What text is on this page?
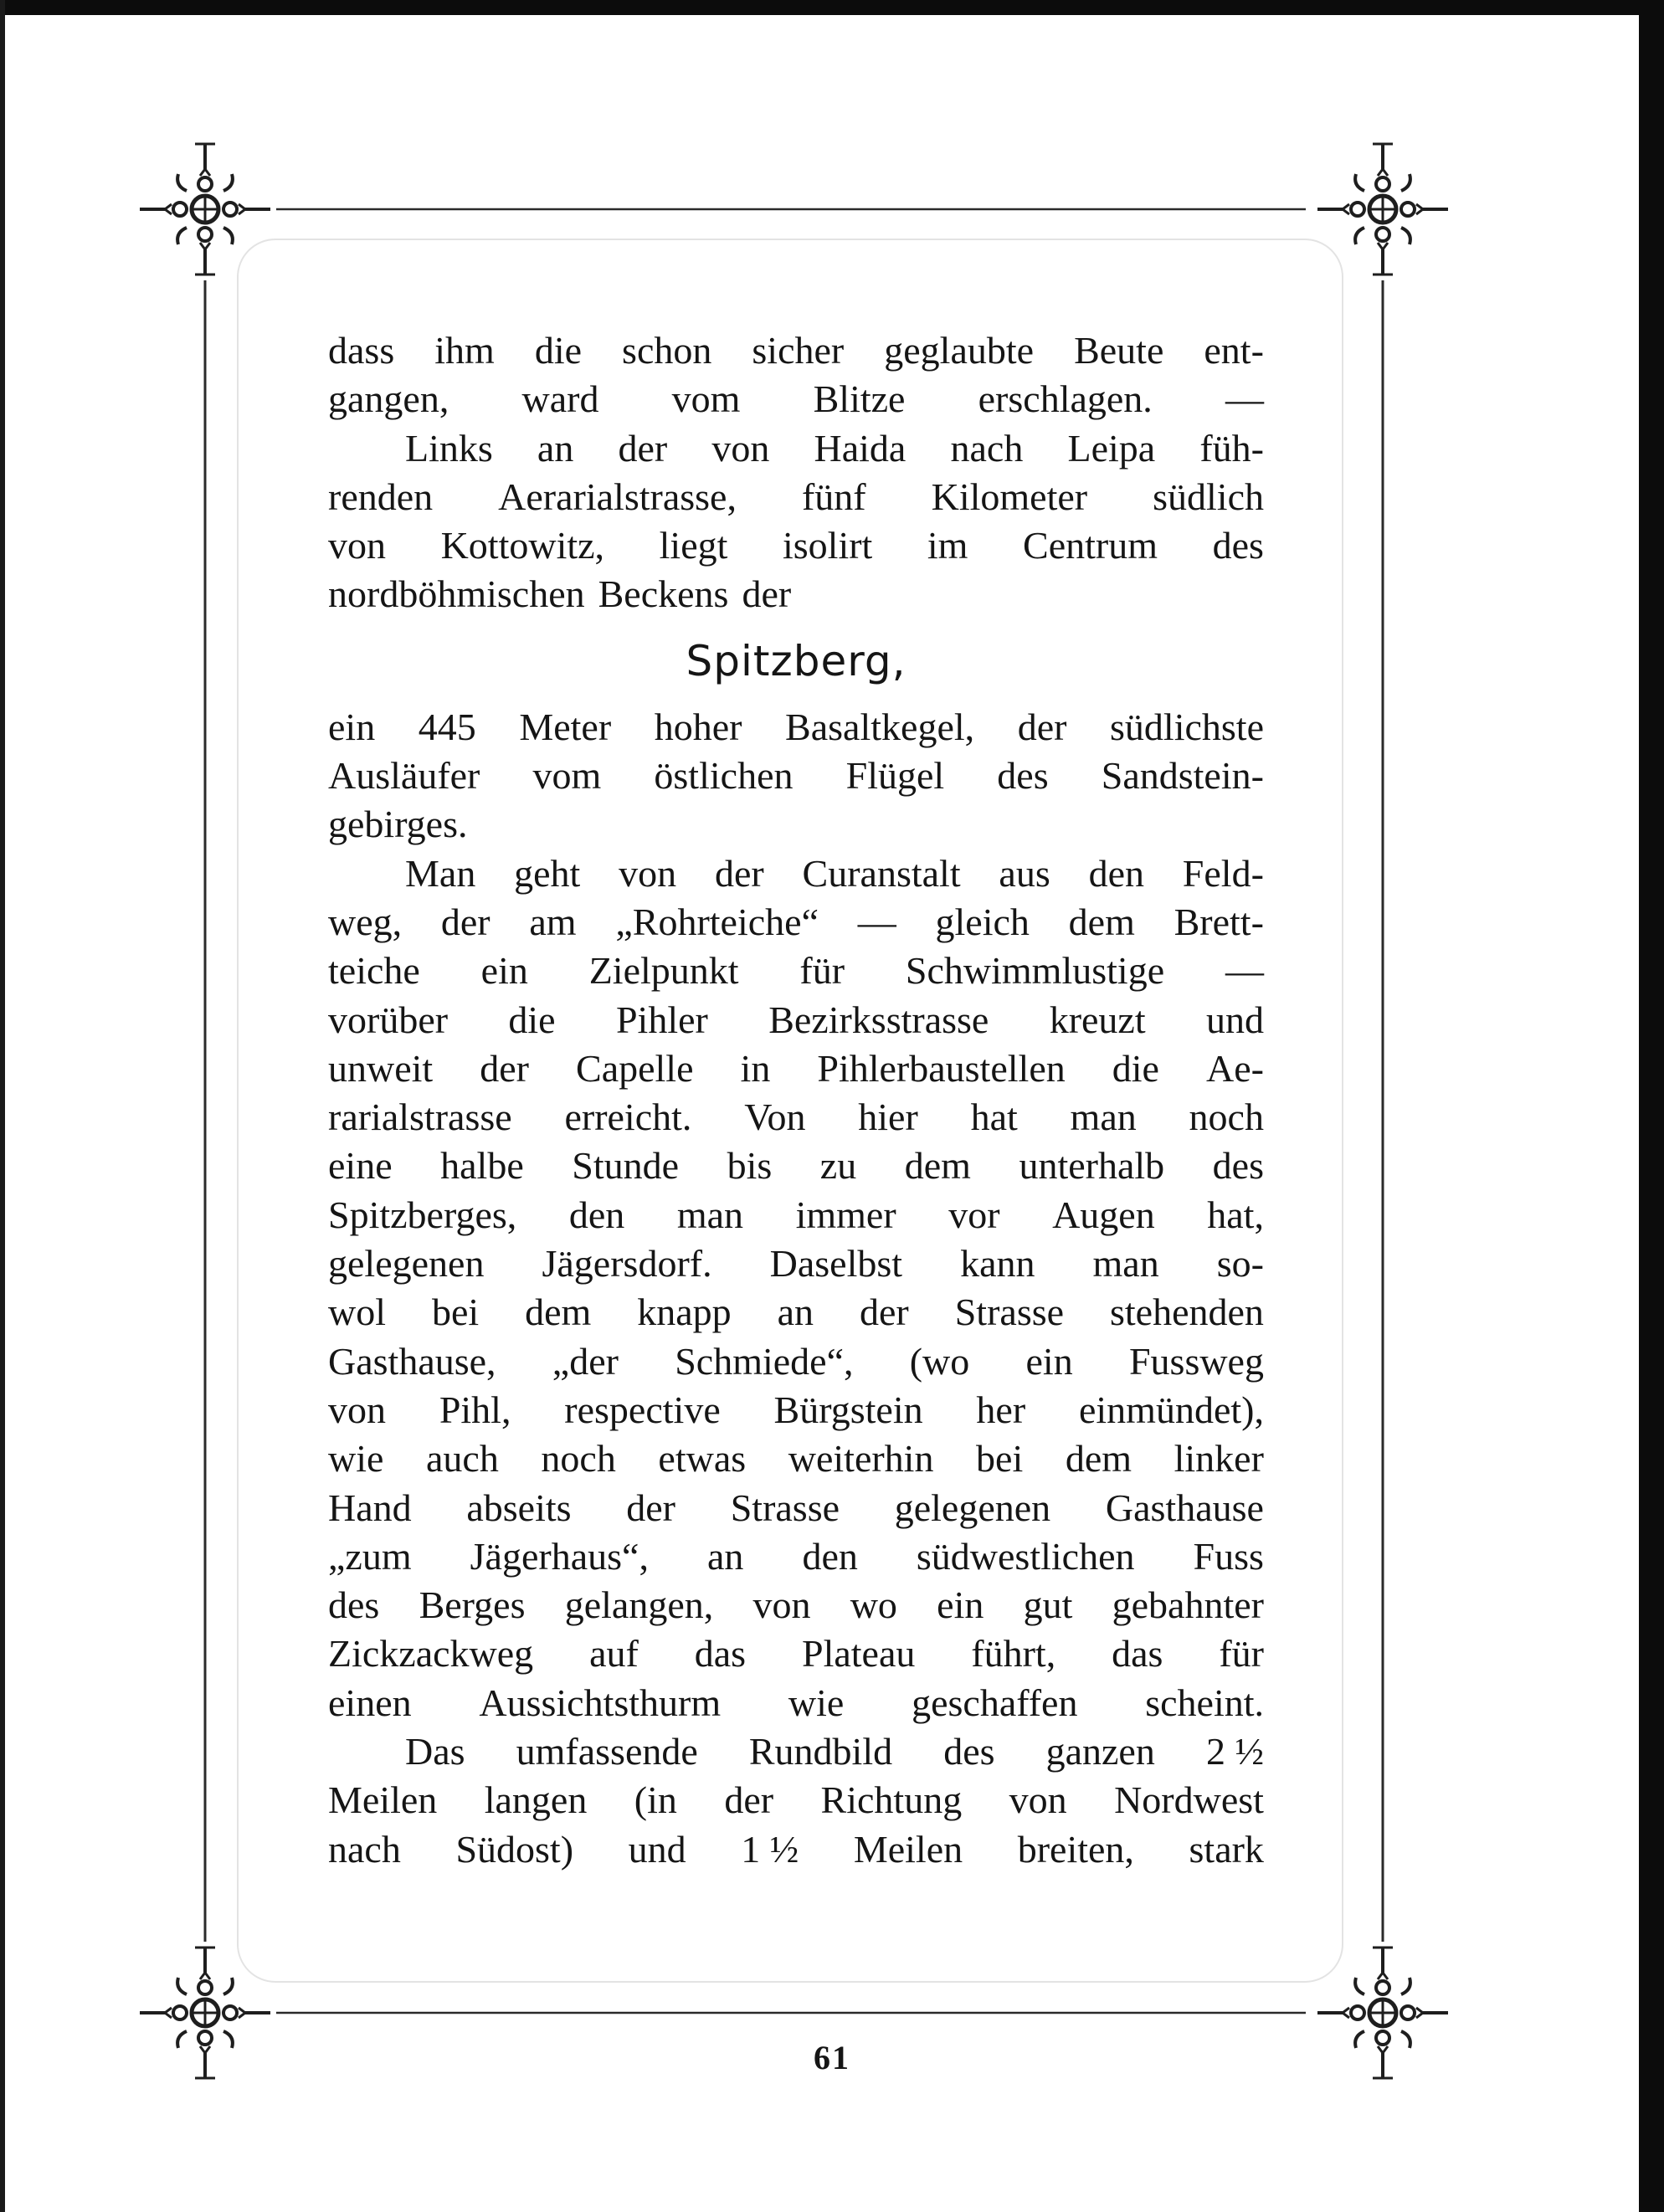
dass ihm die schon sicher geglaubte Beute ent-
gangen, ward vom Blitze erschlagen. —
Links an der von Haida nach Leipa füh-
renden Aerarialstrasse, fünf Kilometer südlich
von Kottowitz, liegt isolirt im Centrum des
nordböhmischen Beckens der
Spitzberg,
ein 445 Meter hoher Basaltkegel, der südlichste
Ausläufer vom östlichen Flügel des Sandstein-
gebirges.
Man geht von der Curanstalt aus den Feld-
weg, der am „Rohrteiche“ — gleich dem Brett-
teiche ein Zielpunkt für Schwimmlustige —
vorüber die Pihler Bezirksstrasse kreuzt und
unweit der Capelle in Pihlerbaustellen die Ae-
rarialstrasse erreicht. Von hier hat man noch
eine halbe Stunde bis zu dem unterhalb des
Spitzberges, den man immer vor Augen hat,
gelegenen Jägersdorf. Daselbst kann man so-
wol bei dem knapp an der Strasse stehenden
Gasthause, „der Schmiede“, (wo ein Fussweg
von Pihl, respective Bürgstein her einmündet),
wie auch noch etwas weiterhin bei dem linker
Hand abseits der Strasse gelegenen Gasthause
„zum Jägerhaus“, an den südwestlichen Fuss
des Berges gelangen, von wo ein gut gebahnter
Zickzackweg auf das Plateau führt, das für
einen Aussichtsthurm wie geschaffen scheint.
Das umfassende Rundbild des ganzen 2 ½
Meilen langen (in der Richtung von Nordwest
nach Südost) und 1 ½ Meilen breiten, stark
61
